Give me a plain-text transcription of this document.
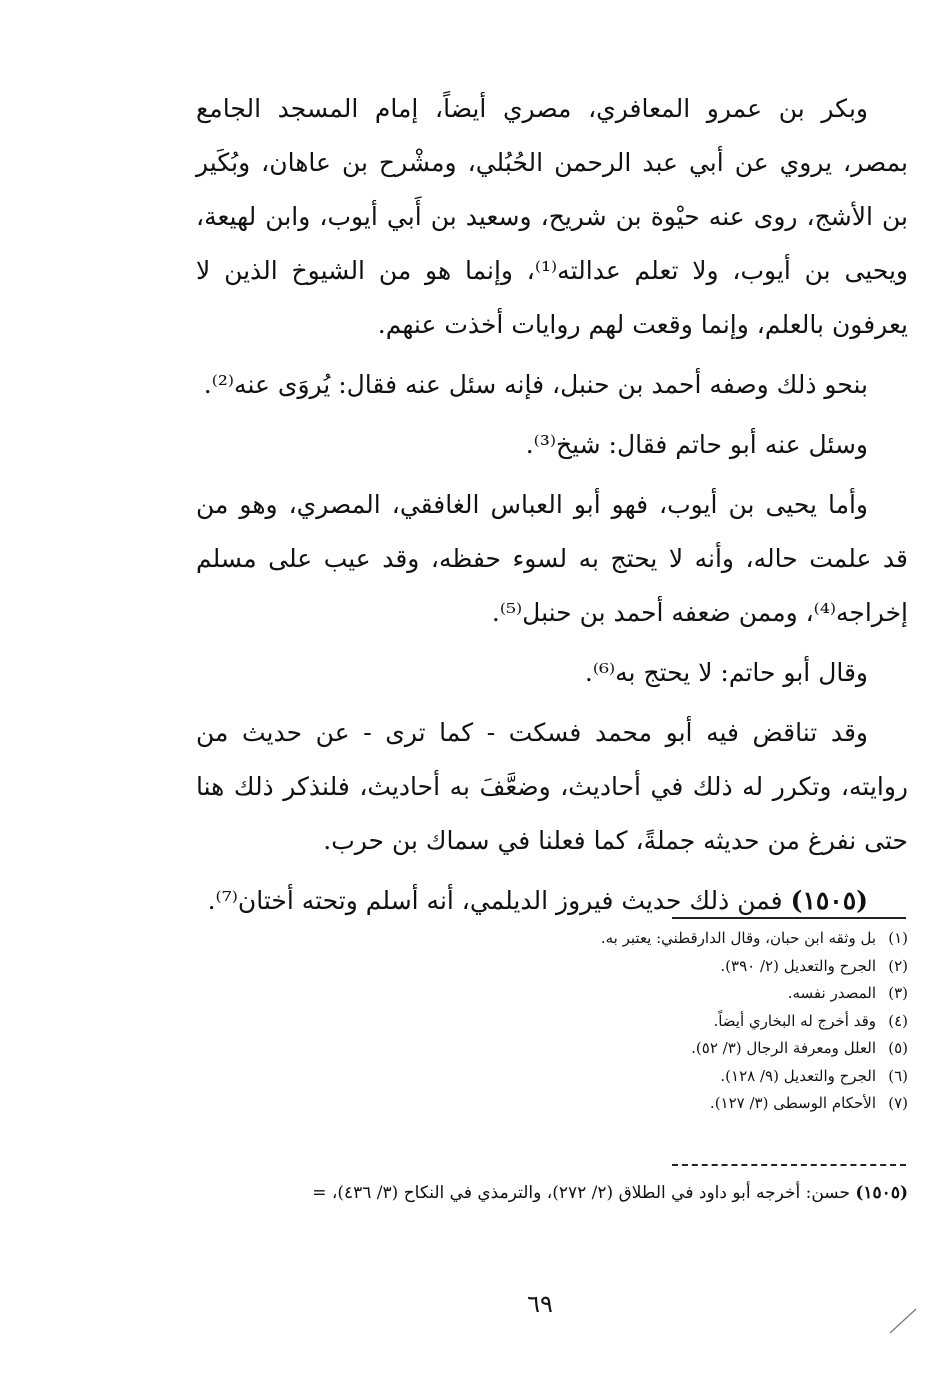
وبكر بن عمرو المعافري، مصري أيضاً، إمام المسجد الجامع بمصر، يروي عن أبي عبد الرحمن الحُبُلي، ومشْرح بن عاهان، وبُكَير بن الأشج، روى عنه حيْوة بن شريح، وسعيد بن أَبي أيوب، وابن لهيعة، ويحيى بن أيوب، ولا تعلم عدالته⁽¹⁾، وإنما هو من الشيوخ الذين لا يعرفون بالعلم، وإنما وقعت لهم روايات أخذت عنهم.

بنحو ذلك وصفه أحمد بن حنبل، فإنه سئل عنه فقال: يُروَى عنه⁽²⁾.

وسئل عنه أبو حاتم فقال: شيخ⁽³⁾.

وأما يحيى بن أيوب، فهو أبو العباس الغافقي، المصري، وهو من قد علمت حاله، وأنه لا يحتج به لسوء حفظه، وقد عيب على مسلم إخراجه⁽⁴⁾، وممن ضعفه أحمد بن حنبل⁽⁵⁾.

وقال أبو حاتم: لا يحتج به⁽⁶⁾.

وقد تناقض فيه أبو محمد فسكت - كما ترى - عن حديث من روايته، وتكرر له ذلك في أحاديث، وضعَّفَ به أحاديث، فلنذكر ذلك هنا حتى نفرغ من حديثه جملةً، كما فعلنا في سماك بن حرب.

(١٥٠٥) فمن ذلك حديث فيروز الديلمي، أنه أسلم وتحته أختان⁽⁷⁾.

(١)بل وثقه ابن حبان، وقال الدارقطني: يعتبر به.
(٢)الجرح والتعديل (٢/ ٣٩٠).
(٣)المصدر نفسه.
(٤)وقد أخرج له البخاري أيضاً.
(٥)العلل ومعرفة الرجال (٣/ ٥٢).
(٦)الجرح والتعديل (٩/ ١٢٨).
(٧)الأحكام الوسطى (٣/ ١٢٧).
(١٥٠٥) حسن: أخرجه أبو داود في الطلاق (٢/ ٢٧٢)، والترمذي في النكاح (٣/ ٤٣٦)، =
٦٩
